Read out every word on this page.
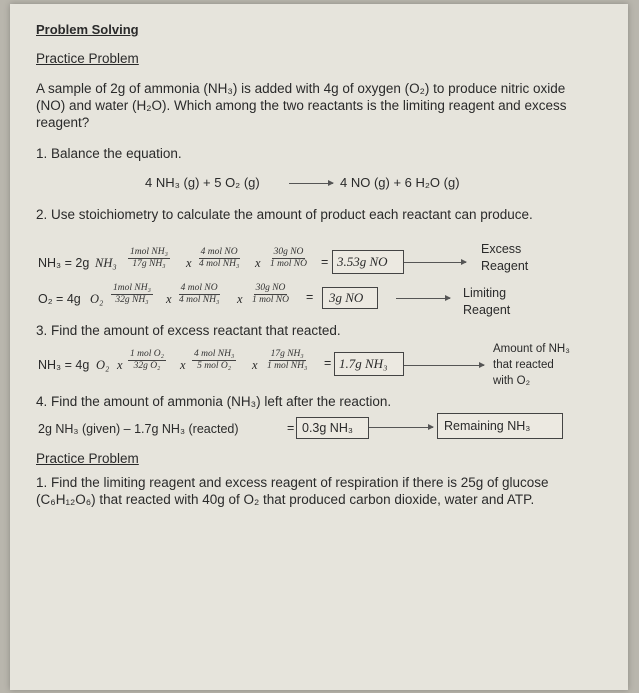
Problem Solving
Practice Problem
A sample of 2g of ammonia (NH₃) is added with 4g of oxygen (O₂) to produce nitric oxide (NO) and water (H₂O). Which among the two reactants is the limiting reagent and excess reagent?
1. Balance the equation.
4 NH₃ (g) + 5 O₂ (g) → 4 NO (g) + 6 H₂O (g)
2. Use stoichiometry to calculate the amount of product each reactant can produce.
NH₃ = 2g NH₃
1mol NH₃
17g NH₃ x
4 mol NO
4 mol NH₃ x
30g NO
1 mol NO = 3.53g NO
Excess
Reagent
O₂ = 4g O₂
1mol NH₃
32g NH₃ x
4 mol NO
4 mol NH₃ x
30g NO
1 mol NO =	3g NO	Limiting
Reagent
3. Find the amount of excess reactant that reacted.
NH₃ = 4g O₂ x
1 mol O₂
32g O₂ x
4 mol NH₃
5 mol O₂ x
17g NH₃
1 mol NH₃ = 1.7g NH₃
Amount of NH₃
that reacted
with O₂
4. Find the amount of ammonia (NH₃) left after the reaction.
2g NH₃ (given) – 1.7g NH₃ (reacted)	= 0.3g NH₃	Remaining NH₃
Practice Problem
1. Find the limiting reagent and excess reagent of respiration if there is 25g of glucose (C₆H₁₂O₆) that reacted with 40g of O₂ that produced carbon dioxide, water and ATP.
